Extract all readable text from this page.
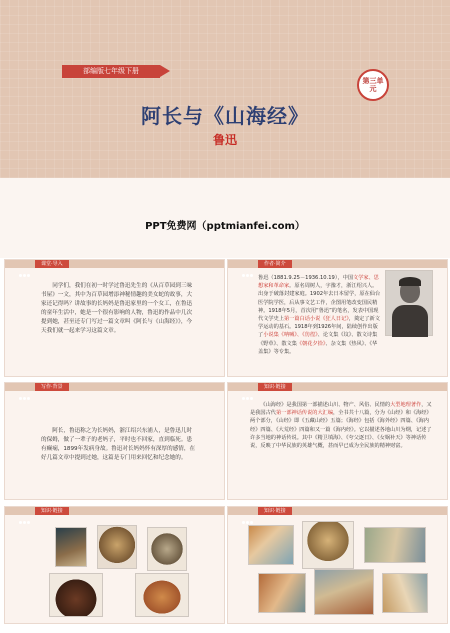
部编版七年级下册
第三单元
阿长与《山海经》
鲁迅
PPT免费网（pptmianfei.com）
课堂·导入
同学们，我们在初一时学过鲁迅先生的《从百草园到三味书屋》一文，其中为百草园增添神秘情趣的美女蛇的故事，大家还记得吗？讲故事的长妈妈是鲁迅家里的一个女工，在鲁迅的童年生活中，她是一个很有影响的人物，鲁迅的作品中几次提到她，甚至还专门写过一篇文章叫《阿长与《山海经》》，今天我们就一起来学习这篇文章。
作者·简介
鲁迅（1881.9.25－1936.10.19），中国文学家、思想家和革命家。原名周树人，字豫才，浙江绍兴人。出身于破落封建家庭。1902年去日本留学，原在仙台医学院学医，后从事文艺工作，企图用笔改变国民精神。1918年5月，首次用“鲁迅”的笔名，发表中国现代文学史上第一篇白话小说《狂人日记》，奠定了新文学运动的基石。1918年到1926年间，陆续创作出版了小说集《呐喊》、《彷徨》、论文集《坟》、散文诗集《野草》、散文集《朝花夕拾》、杂文集《热风》、《华盖集》等专集。
写作·背景
阿长，鲁迅称之为长妈妈，浙江绍兴东浦人，是鲁迅儿时的保姆，做了一辈子的老妈子，平时也不回家，直到临死。患有癫痫，1899年发病身故。鲁迅对长妈妈怀有深厚的感情，在好几篇文章中提到过她，这篇是专门用来回忆和纪念她的。
知识·链接
《山海经》是我国第一部描述山川、物产、风俗、民情的大型地理著作，又是我国古代第一部神话传说的大汇编，全书共十八篇，分为《山经》和《海经》两个部分，《山经》即《五藏山经》五篇；《海经》包括《海外经》四篇、《海内经》四篇、《大荒经》四篇和又一篇《海内经》。它以描述各地山川为纲，记述了许多当地的神话传说。其中《精卫填海》、《夸父逐日》、《女娲补天》等神话传说，反映了中华民族的英雄气概，甚而早已成为全民族的精神财富。
知识·链接	知识·链接
